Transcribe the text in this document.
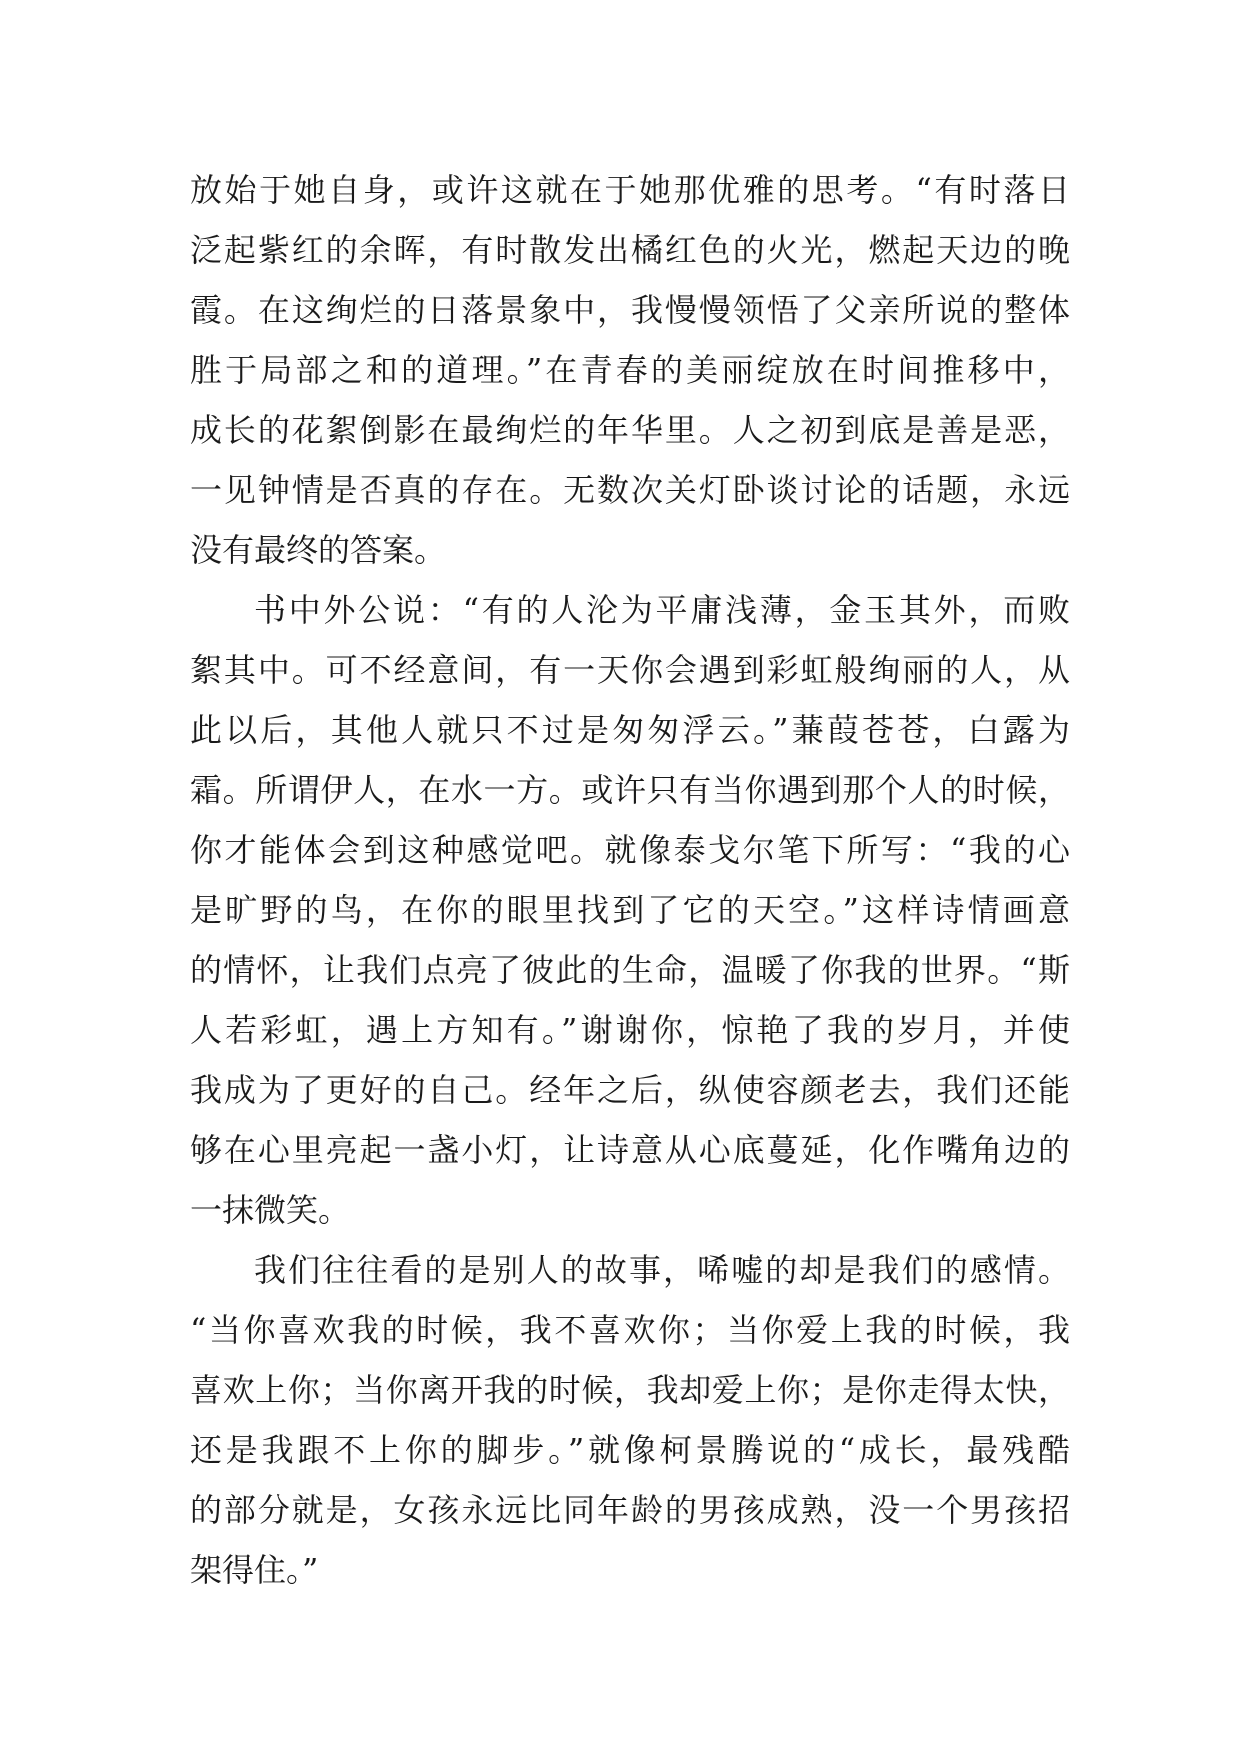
放始于她自身，或许这就在于她那优雅的思考。“有时落日
泛起紫红的余晖，有时散发出橘红色的火光，燃起天边的晚
霞。在这绚烂的日落景象中，我慢慢领悟了父亲所说的整体
胜于局部之和的道理。”在青春的美丽绽放在时间推移中，
成长的花絮倒影在最绚烂的年华里。人之初到底是善是恶，
一见钟情是否真的存在。无数次关灯卧谈讨论的话题，永远
没有最终的答案。
书中外公说：“有的人沦为平庸浅薄，金玉其外，而败
絮其中。可不经意间，有一天你会遇到彩虹般绚丽的人，从
此以后，其他人就只不过是匆匆浮云。”蒹葭苍苍，白露为
霜。所谓伊人，在水一方。或许只有当你遇到那个人的时候，
你才能体会到这种感觉吧。就像泰戈尔笔下所写：“我的心
是旷野的鸟，在你的眼里找到了它的天空。”这样诗情画意
的情怀，让我们点亮了彼此的生命，温暖了你我的世界。“斯
人若彩虹，遇上方知有。”谢谢你，惊艳了我的岁月，并使
我成为了更好的自己。经年之后，纵使容颜老去，我们还能
够在心里亮起一盏小灯，让诗意从心底蔓延，化作嘴角边的
一抹微笑。
我们往往看的是别人的故事，唏嘘的却是我们的感情。
“当你喜欢我的时候，我不喜欢你；当你爱上我的时候，我
喜欢上你；当你离开我的时候，我却爱上你；是你走得太快，
还是我跟不上你的脚步。”就像柯景腾说的“成长，最残酷
的部分就是，女孩永远比同年龄的男孩成熟，没一个男孩招
架得住。”
